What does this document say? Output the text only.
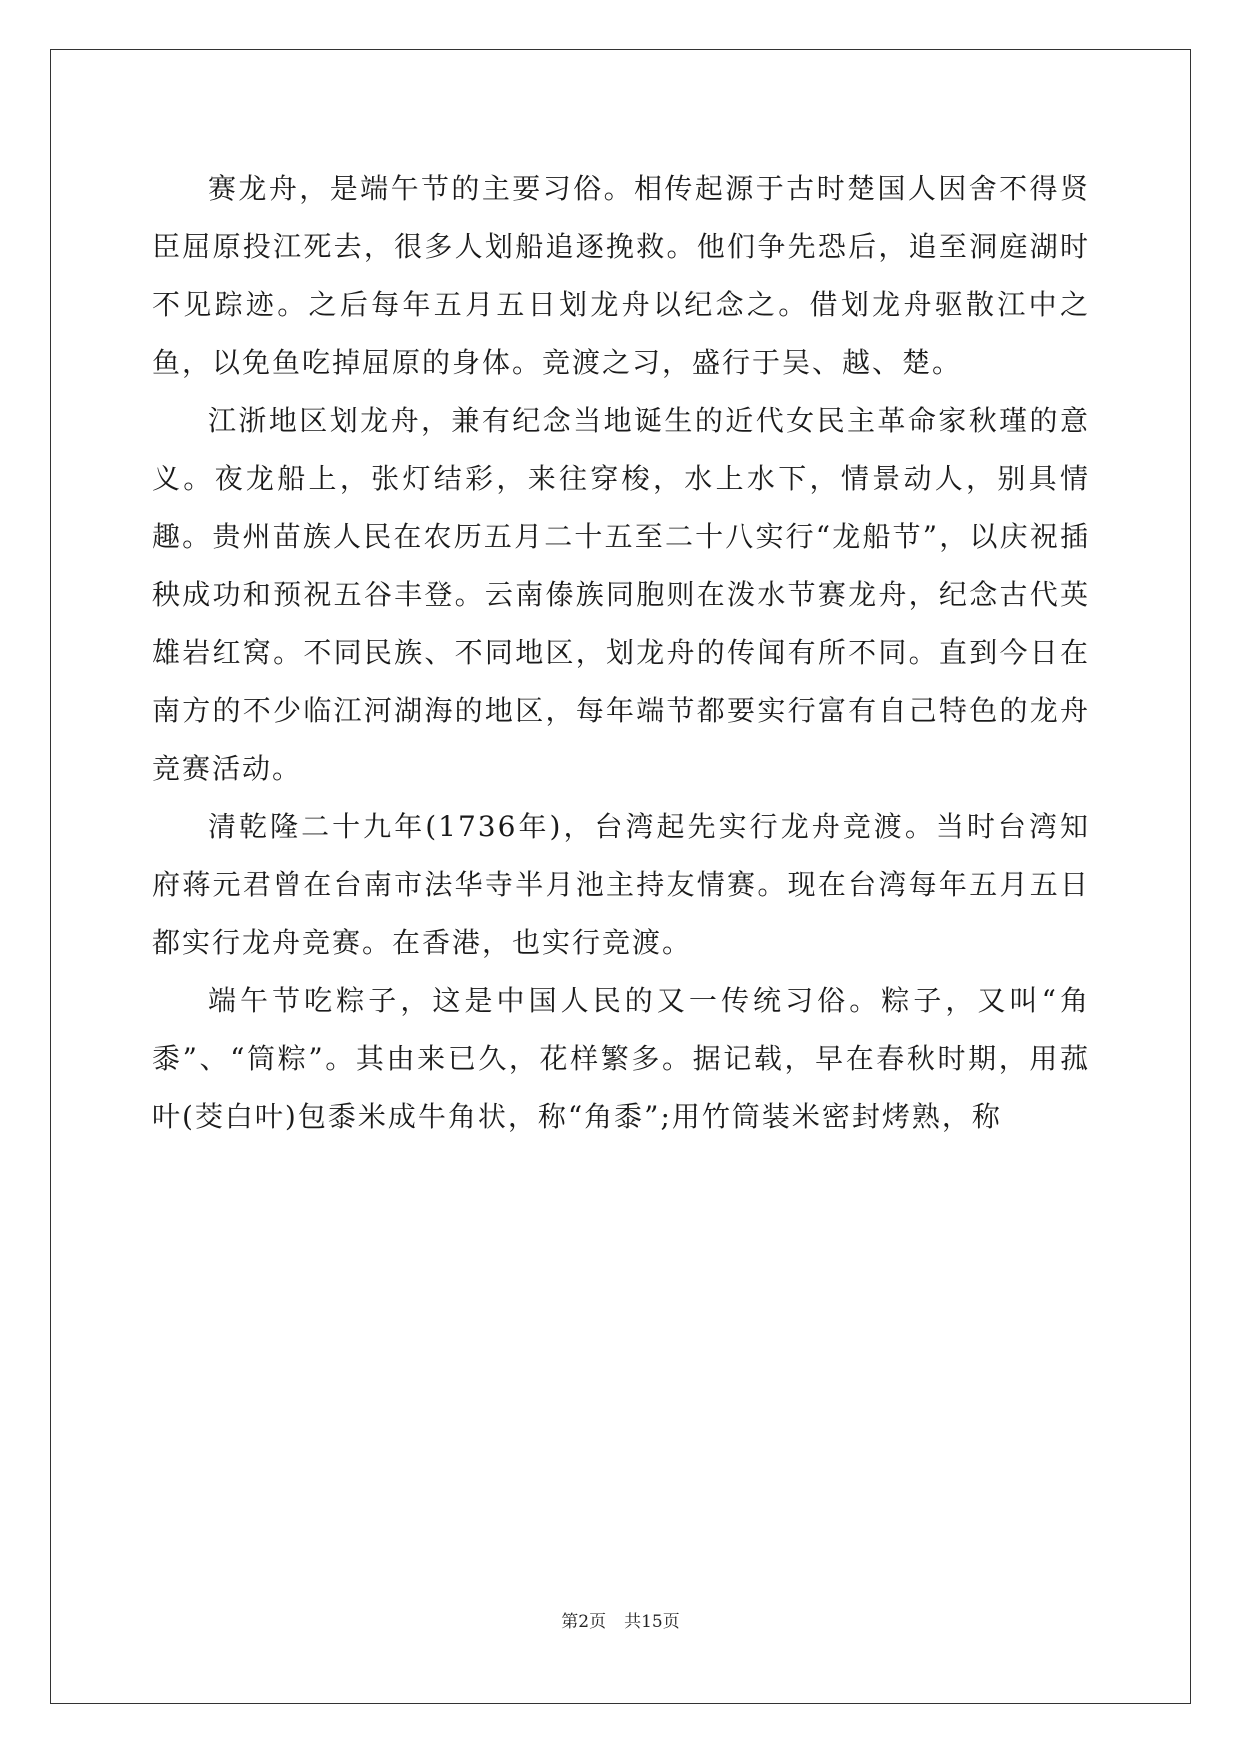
赛龙舟，是端午节的主要习俗。相传起源于古时楚国人因舍不得贤臣屈原投江死去，很多人划船追逐挽救。他们争先恐后，追至洞庭湖时不见踪迹。之后每年五月五日划龙舟以纪念之。借划龙舟驱散江中之鱼，以免鱼吃掉屈原的身体。竞渡之习，盛行于吴、越、楚。

江浙地区划龙舟，兼有纪念当地诞生的近代女民主革命家秋瑾的意义。夜龙船上，张灯结彩，来往穿梭，水上水下，情景动人，别具情趣。贵州苗族人民在农历五月二十五至二十八实行“龙船节”，以庆祝插秧成功和预祝五谷丰登。云南傣族同胞则在泼水节赛龙舟，纪念古代英雄岩红窝。不同民族、不同地区，划龙舟的传闻有所不同。直到今日在南方的不少临江河湖海的地区，每年端节都要实行富有自己特色的龙舟竞赛活动。

清乾隆二十九年(1736年)，台湾起先实行龙舟竞渡。当时台湾知府蒋元君曾在台南市法华寺半月池主持友情赛。现在台湾每年五月五日都实行龙舟竞赛。在香港，也实行竞渡。

端午节吃粽子，这是中国人民的又一传统习俗。粽子，又叫“角黍”、“筒粽”。其由来已久，花样繁多。据记载，早在春秋时期，用菰叶(茭白叶)包黍米成牛角状，称“角黍”;用竹筒装米密封烤熟，称

第2页 共15页
